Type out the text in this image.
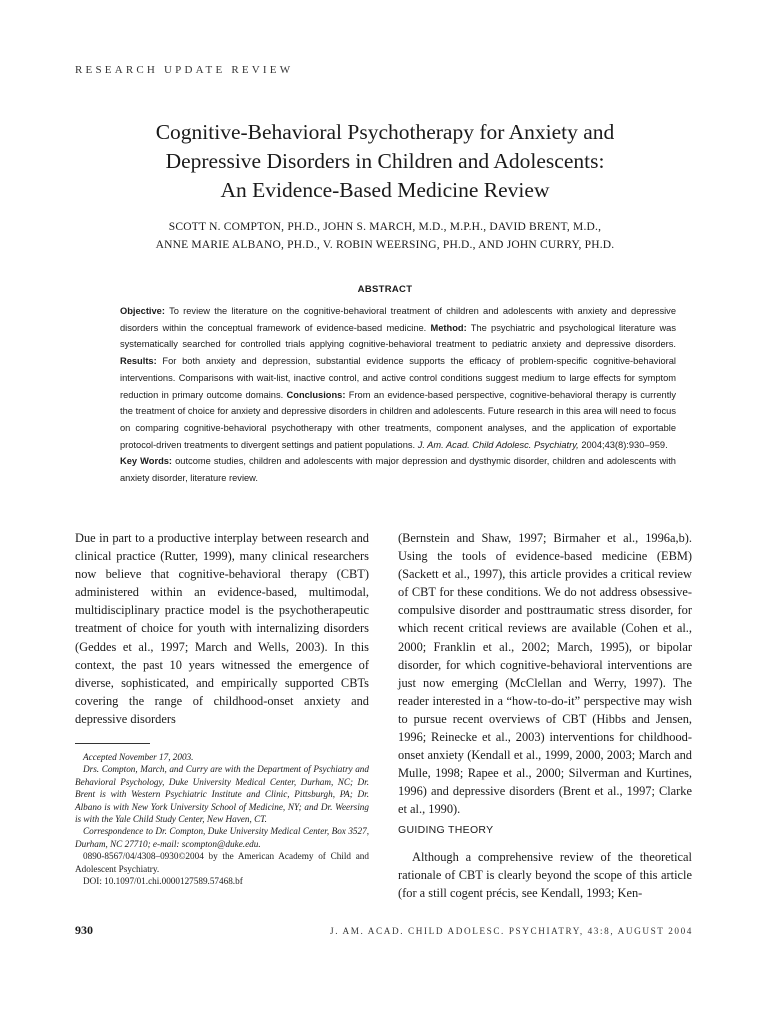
RESEARCH UPDATE REVIEW
Cognitive-Behavioral Psychotherapy for Anxiety and
Depressive Disorders in Children and Adolescents:
An Evidence-Based Medicine Review
SCOTT N. COMPTON, PH.D., JOHN S. MARCH, M.D., M.P.H., DAVID BRENT, M.D.,
ANNE MARIE ALBANO, PH.D., V. ROBIN WEERSING, PH.D., AND JOHN CURRY, PH.D.
ABSTRACT
Objective: To review the literature on the cognitive-behavioral treatment of children and adolescents with anxiety and depressive disorders within the conceptual framework of evidence-based medicine. Method: The psychiatric and psychological literature was systematically searched for controlled trials applying cognitive-behavioral treatment to pediatric anxiety and depressive disorders. Results: For both anxiety and depression, substantial evidence supports the efficacy of problem-specific cognitive-behavioral interventions. Comparisons with wait-list, inactive control, and active control conditions suggest medium to large effects for symptom reduction in primary outcome domains. Conclusions: From an evidence-based perspective, cognitive-behavioral therapy is currently the treatment of choice for anxiety and depressive disorders in children and adolescents. Future research in this area will need to focus on comparing cognitive-behavioral psychotherapy with other treatments, component analyses, and the application of exportable protocol-driven treatments to divergent settings and patient populations. J. Am. Acad. Child Adolesc. Psychiatry, 2004;43(8):930–959.
Key Words: outcome studies, children and adolescents with major depression and dysthymic disorder, children and adolescents with anxiety disorder, literature review.
Due in part to a productive interplay between research and clinical practice (Rutter, 1999), many clinical researchers now believe that cognitive-behavioral therapy (CBT) administered within an evidence-based, multimodal, multidisciplinary practice model is the psychotherapeutic treatment of choice for youth with internalizing disorders (Geddes et al., 1997; March and Wells, 2003). In this context, the past 10 years witnessed the emergence of diverse, sophisticated, and empirically supported CBTs covering the range of childhood-onset anxiety and depressive disorders
(Bernstein and Shaw, 1997; Birmaher et al., 1996a,b). Using the tools of evidence-based medicine (EBM) (Sackett et al., 1997), this article provides a critical review of CBT for these conditions. We do not address obsessive-compulsive disorder and posttraumatic stress disorder, for which recent critical reviews are available (Cohen et al., 2000; Franklin et al., 2002; March, 1995), or bipolar disorder, for which cognitive-behavioral interventions are just now emerging (McClellan and Werry, 1997). The reader interested in a “how-to-do-it” perspective may wish to pursue recent overviews of CBT (Hibbs and Jensen, 1996; Reinecke et al., 2003) interventions for childhood-onset anxiety (Kendall et al., 1999, 2000, 2003; March and Mulle, 1998; Rapee et al., 2000; Silverman and Kurtines, 1996) and depressive disorders (Brent et al., 1997; Clarke et al., 1990).
GUIDING THEORY
Although a comprehensive review of the theoretical rationale of CBT is clearly beyond the scope of this article (for a still cogent précis, see Kendall, 1993; Ken-

Accepted November 17, 2003.

Drs. Compton, March, and Curry are with the Department of Psychiatry and Behavioral Psychology, Duke University Medical Center, Durham, NC; Dr. Brent is with Western Psychiatric Institute and Clinic, Pittsburgh, PA; Dr. Albano is with New York University School of Medicine, NY; and Dr. Weersing is with the Yale Child Study Center, New Haven, CT.

Correspondence to Dr. Compton, Duke University Medical Center, Box 3527, Durham, NC 27710; e-mail: scompton@duke.edu.

0890-8567/04/4308–0930©2004 by the American Academy of Child and Adolescent Psychiatry.

DOI: 10.1097/01.chi.0000127589.57468.bf

930	J. AM. ACAD. CHILD ADOLESC. PSYCHIATRY, 43:8, AUGUST 2004
